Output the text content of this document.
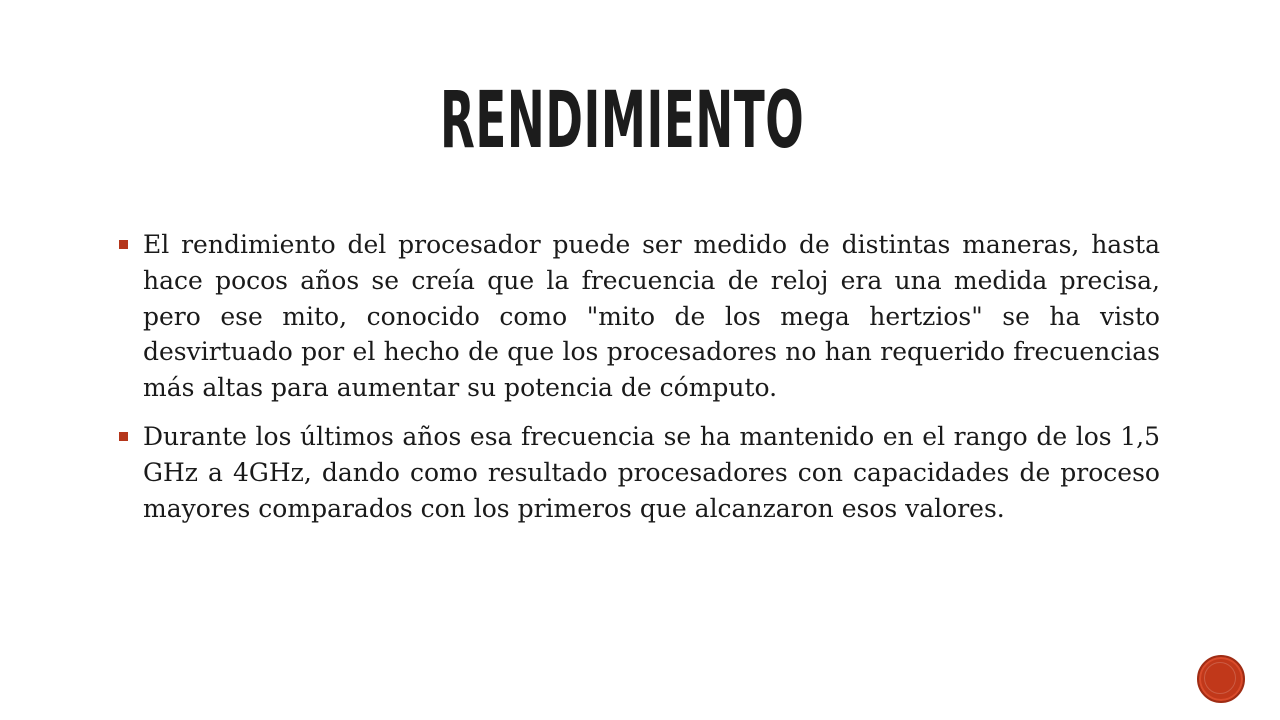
RENDIMIENTO
El rendimiento del procesador puede ser medido de distintas maneras, hasta hace pocos años se creía que la frecuencia de reloj era una medida precisa, pero ese mito, conocido como "mito de los mega hertzios" se ha visto desvirtuado por el hecho de que los procesadores no han requerido frecuencias más altas para aumentar su potencia de cómputo.
Durante los últimos años esa frecuencia se ha mantenido en el rango de los 1,5 GHz a 4GHz, dando como resultado procesadores con capacidades de proceso mayores comparados con los primeros que alcanzaron esos valores.
